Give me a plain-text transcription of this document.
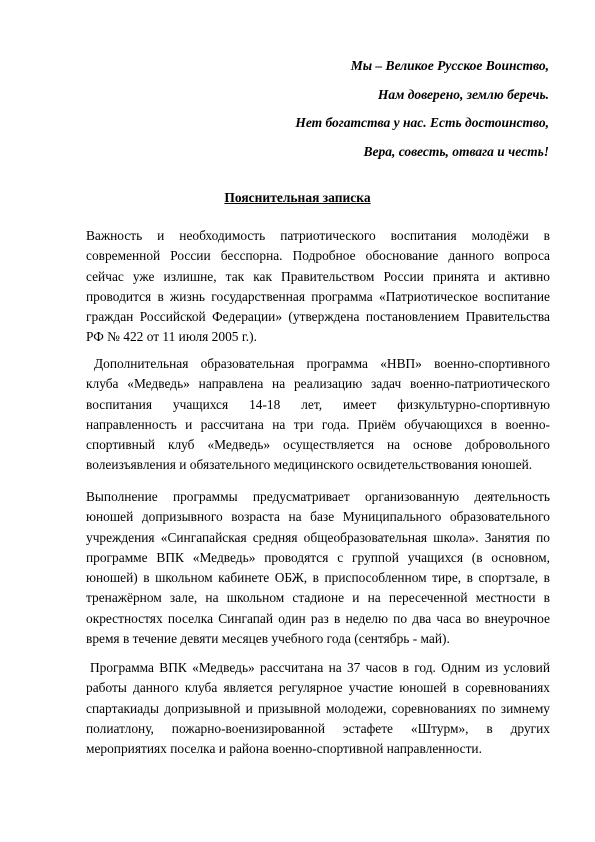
Мы – Великое Русское Воинство,
Нам доверено, землю беречь.
Нет богатства у нас. Есть достоинство,
Вера, совесть, отвага и честь!
Пояснительная записка
Важность и необходимость патриотического воспитания молодёжи в современной России бесспорна. Подробное обоснование данного вопроса сейчас уже излишне, так как Правительством России принята и активно проводится в жизнь государственная программа «Патриотическое воспитание граждан Российской Федерации» (утверждена постановлением Правительства РФ № 422 от 11 июля 2005 г.).
Дополнительная образовательная программа «НВП» военно-спортивного клуба «Медведь» направлена на реализацию задач военно-патриотического воспитания учащихся 14-18 лет, имеет физкультурно-спортивную направленность и рассчитана на три года. Приём обучающихся в военно-спортивный клуб «Медведь» осуществляется на основе добровольного волеизъявления и обязательного медицинского освидетельствования юношей.
Выполнение программы предусматривает организованную деятельность юношей допризывного возраста на базе Муниципального образовательного учреждения «Сингапайская средняя общеобразовательная школа». Занятия по программе ВПК «Медведь» проводятся с группой учащихся (в основном, юношей) в школьном кабинете ОБЖ, в приспособленном тире, в спортзале, в тренажёрном зале, на школьном стадионе и на пересеченной местности в окрестностях поселка Сингапай один раз в неделю по два часа во внеурочное время в течение девяти месяцев учебного года (сентябрь - май).
Программа ВПК «Медведь» рассчитана на 37 часов в год. Одним из условий работы данного клуба является регулярное участие юношей в соревнованиях спартакиады допризывной и призывной молодежи, соревнованиях по зимнему полиатлону, пожарно-военизированной эстафете «Штурм», в других мероприятиях поселка и района военно-спортивной направленности.
